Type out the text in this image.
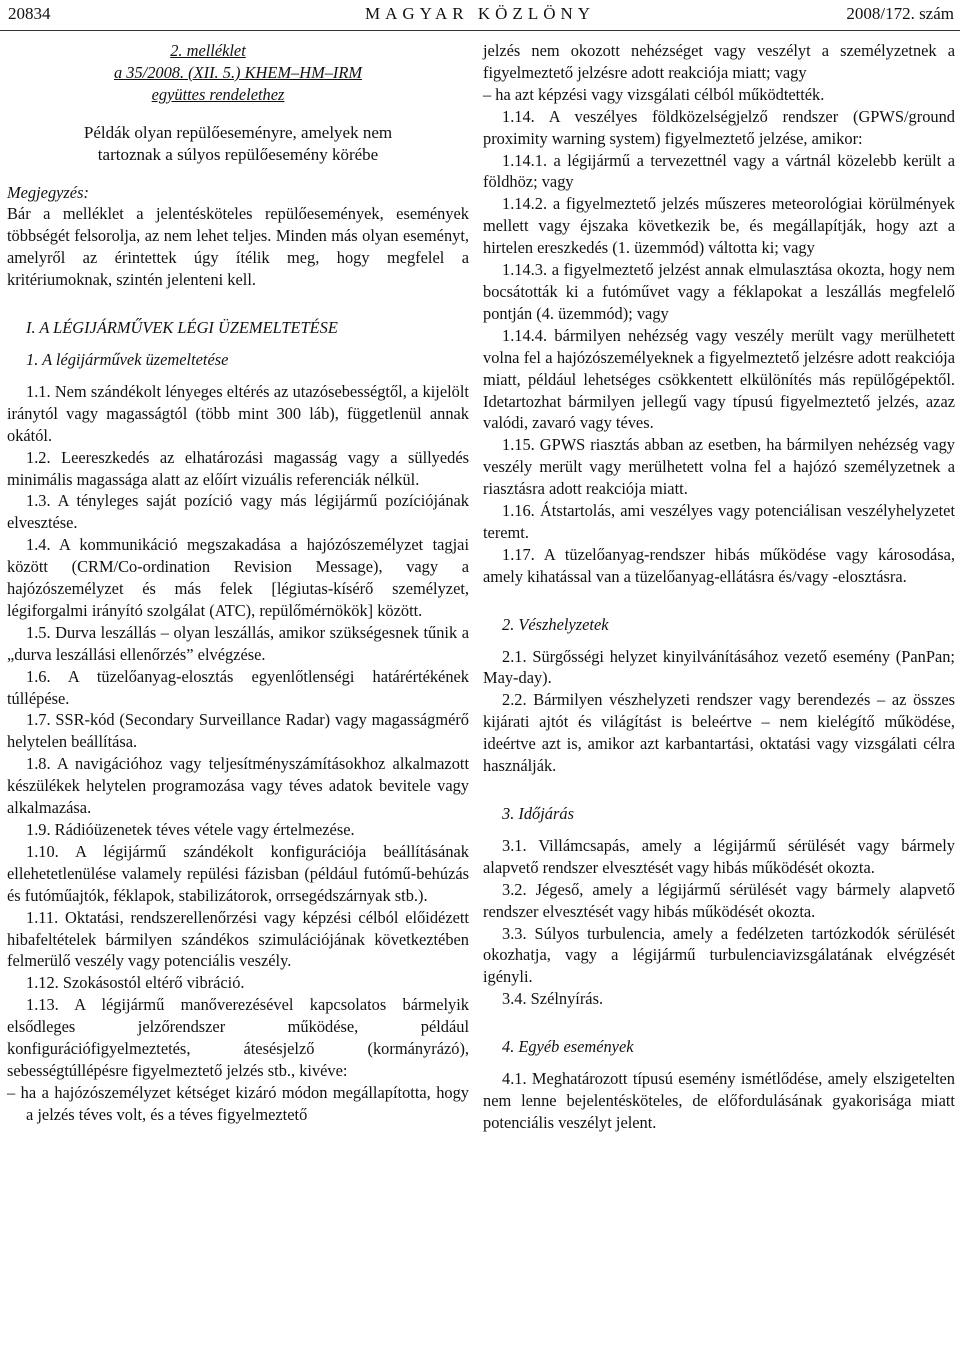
20834	MAGYAR KÖZLÖNY	2008/172. szám

2. melléklet

a 35/2008. (XII. 5.) KHEM–HM–IRM

együttes rendelethez

Példák olyan repülőeseményre, amelyek nem

tartoznak a súlyos repülőesemény körébe

Megjegyzés:

Bár a melléklet a jelentésköteles repülőesemények, események többségét felsorolja, az nem lehet teljes. Minden más olyan eseményt, amelyről az érintettek úgy ítélik meg, hogy megfelel a kritériumoknak, szintén jelenteni kell.

I. A LÉGIJÁRMŰVEK LÉGI ÜZEMELTETÉSE

1. A légijárművek üzemeltetése

1.1. Nem szándékolt lényeges eltérés az utazósebességtől, a kijelölt iránytól vagy magasságtól (több mint 300 láb), függetlenül annak okától.

1.2. Leereszkedés az elhatározási magasság vagy a süllyedés minimális magassága alatt az előírt vizuális referenciák nélkül.

1.3. A tényleges saját pozíció vagy más légijármű pozíciójának elvesztése.

1.4. A kommunikáció megszakadása a hajózószemélyzet tagjai között (CRM/Co-ordination Revision Message), vagy a hajózószemélyzet és más felek [légiutas-kísérő személyzet, légiforgalmi irányító szolgálat (ATC), repülőmérnökök] között.

1.5. Durva leszállás – olyan leszállás, amikor szükségesnek tűnik a „durva leszállási ellenőrzés” elvégzése.

1.6. A tüzelőanyag-elosztás egyenlőtlenségi határértékének túllépése.

1.7. SSR-kód (Secondary Surveillance Radar) vagy magasságmérő helytelen beállítása.

1.8. A navigációhoz vagy teljesítményszámításokhoz alkalmazott készülékek helytelen programozása vagy téves adatok bevitele vagy alkalmazása.

1.9. Rádióüzenetek téves vétele vagy értelmezése.

1.10. A légijármű szándékolt konfigurációja beállításának ellehetetlenülése valamely repülési fázisban (például futómű-behúzás és futóműajtók, féklapok, stabilizátorok, orrsegédszárnyak stb.).

1.11. Oktatási, rendszerellenőrzési vagy képzési célból előidézett hibafeltételek bármilyen szándékos szimulációjának következtében felmerülő veszély vagy potenciális veszély.

1.12. Szokásostól eltérő vibráció.

1.13. A légijármű manőverezésével kapcsolatos bármelyik elsődleges jelzőrendszer működése, például konfigurációfigyelmeztetés, átesésjelző (kormányrázó), sebességtúllépésre figyelmeztető jelzés stb., kivéve:

– ha a hajózószemélyzet kétséget kizáró módon megállapította, hogy a jelzés téves volt, és a téves figyelmeztető

jelzés nem okozott nehézséget vagy veszélyt a személyzetnek a figyelmeztető jelzésre adott reakciója miatt; vagy

– ha azt képzési vagy vizsgálati célból működtették.

1.14. A veszélyes földközelségjelző rendszer (GPWS/ground proximity warning system) figyelmeztető jelzése, amikor:

1.14.1. a légijármű a tervezettnél vagy a vártnál közelebb került a földhöz; vagy

1.14.2. a figyelmeztető jelzés műszeres meteorológiai körülmények mellett vagy éjszaka következik be, és megállapítják, hogy azt a hirtelen ereszkedés (1. üzemmód) váltotta ki; vagy

1.14.3. a figyelmeztető jelzést annak elmulasztása okozta, hogy nem bocsátották ki a futóművet vagy a féklapokat a leszállás megfelelő pontján (4. üzemmód); vagy

1.14.4. bármilyen nehézség vagy veszély merült vagy merülhetett volna fel a hajózószemélyeknek a figyelmeztető jelzésre adott reakciója miatt, például lehetséges csökkentett elkülönítés más repülőgépektől. Idetartozhat bármilyen jellegű vagy típusú figyelmeztető jelzés, azaz valódi, zavaró vagy téves.

1.15. GPWS riasztás abban az esetben, ha bármilyen nehézség vagy veszély merült vagy merülhetett volna fel a hajózó személyzetnek a riasztásra adott reakciója miatt.

1.16. Átstartolás, ami veszélyes vagy potenciálisan veszélyhelyzetet teremt.

1.17. A tüzelőanyag-rendszer hibás működése vagy károsodása, amely kihatással van a tüzelőanyag-ellátásra és/vagy -elosztásra.

2. Vészhelyzetek

2.1. Sürgősségi helyzet kinyilvánításához vezető esemény (PanPan; May-day).

2.2. Bármilyen vészhelyzeti rendszer vagy berendezés – az összes kijárati ajtót és világítást is beleértve – nem kielégítő működése, ideértve azt is, amikor azt karbantartási, oktatási vagy vizsgálati célra használják.

3. Időjárás

3.1. Villámcsapás, amely a légijármű sérülését vagy bármely alapvető rendszer elvesztését vagy hibás működését okozta.

3.2. Jégeső, amely a légijármű sérülését vagy bármely alapvető rendszer elvesztését vagy hibás működését okozta.

3.3. Súlyos turbulencia, amely a fedélzeten tartózkodók sérülését okozhatja, vagy a légijármű turbulenciavizsgálatának elvégzését igényli.

3.4. Szélnyírás.

4. Egyéb események

4.1. Meghatározott típusú esemény ismétlődése, amely elszigetelten nem lenne bejelentésköteles, de előfordulásának gyakorisága miatt potenciális veszélyt jelent.
